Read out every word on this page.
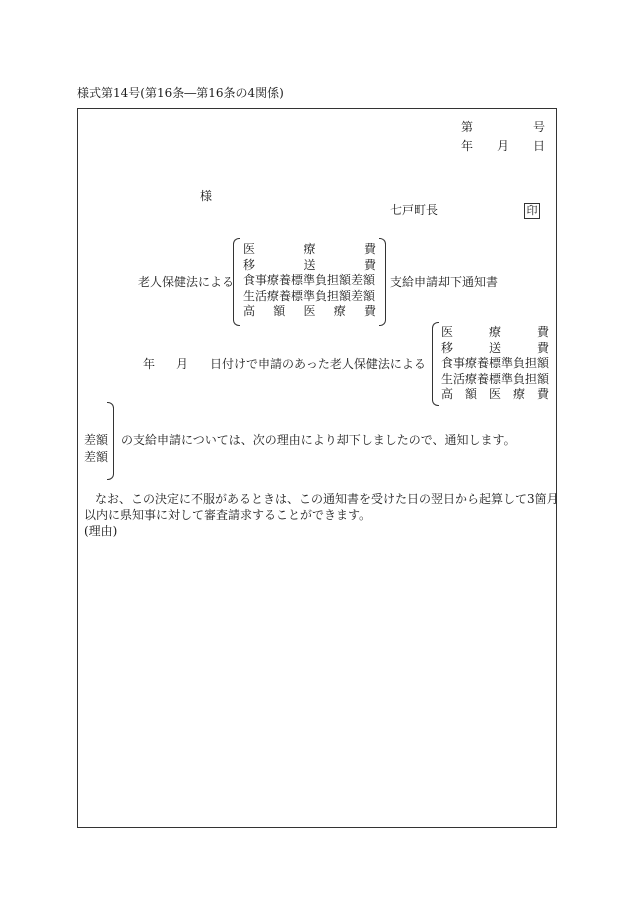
様式第14号(第16条―第16条の4関係)
第	号
年 月 日
様
七戸町長	印
老人保健法による
医	療	費
移	送	費
食事療養標準負担額差額
生活療養標準負担額差額
高 額 医 療 費
支給申請却下通知書
年 月 日付けで申請のあった老人保健法による
医	療	費
移	送	費
食事療養標準負担額
生活療養標準負担額
高 額 医 療 費
差額
差額
の支給申請については、次の理由により却下しましたので、通知します。
なお、この決定に不服があるときは、この通知書を受けた日の翌日から起算して3箇月
以内に県知事に対して審査請求することができます。
(理由)
